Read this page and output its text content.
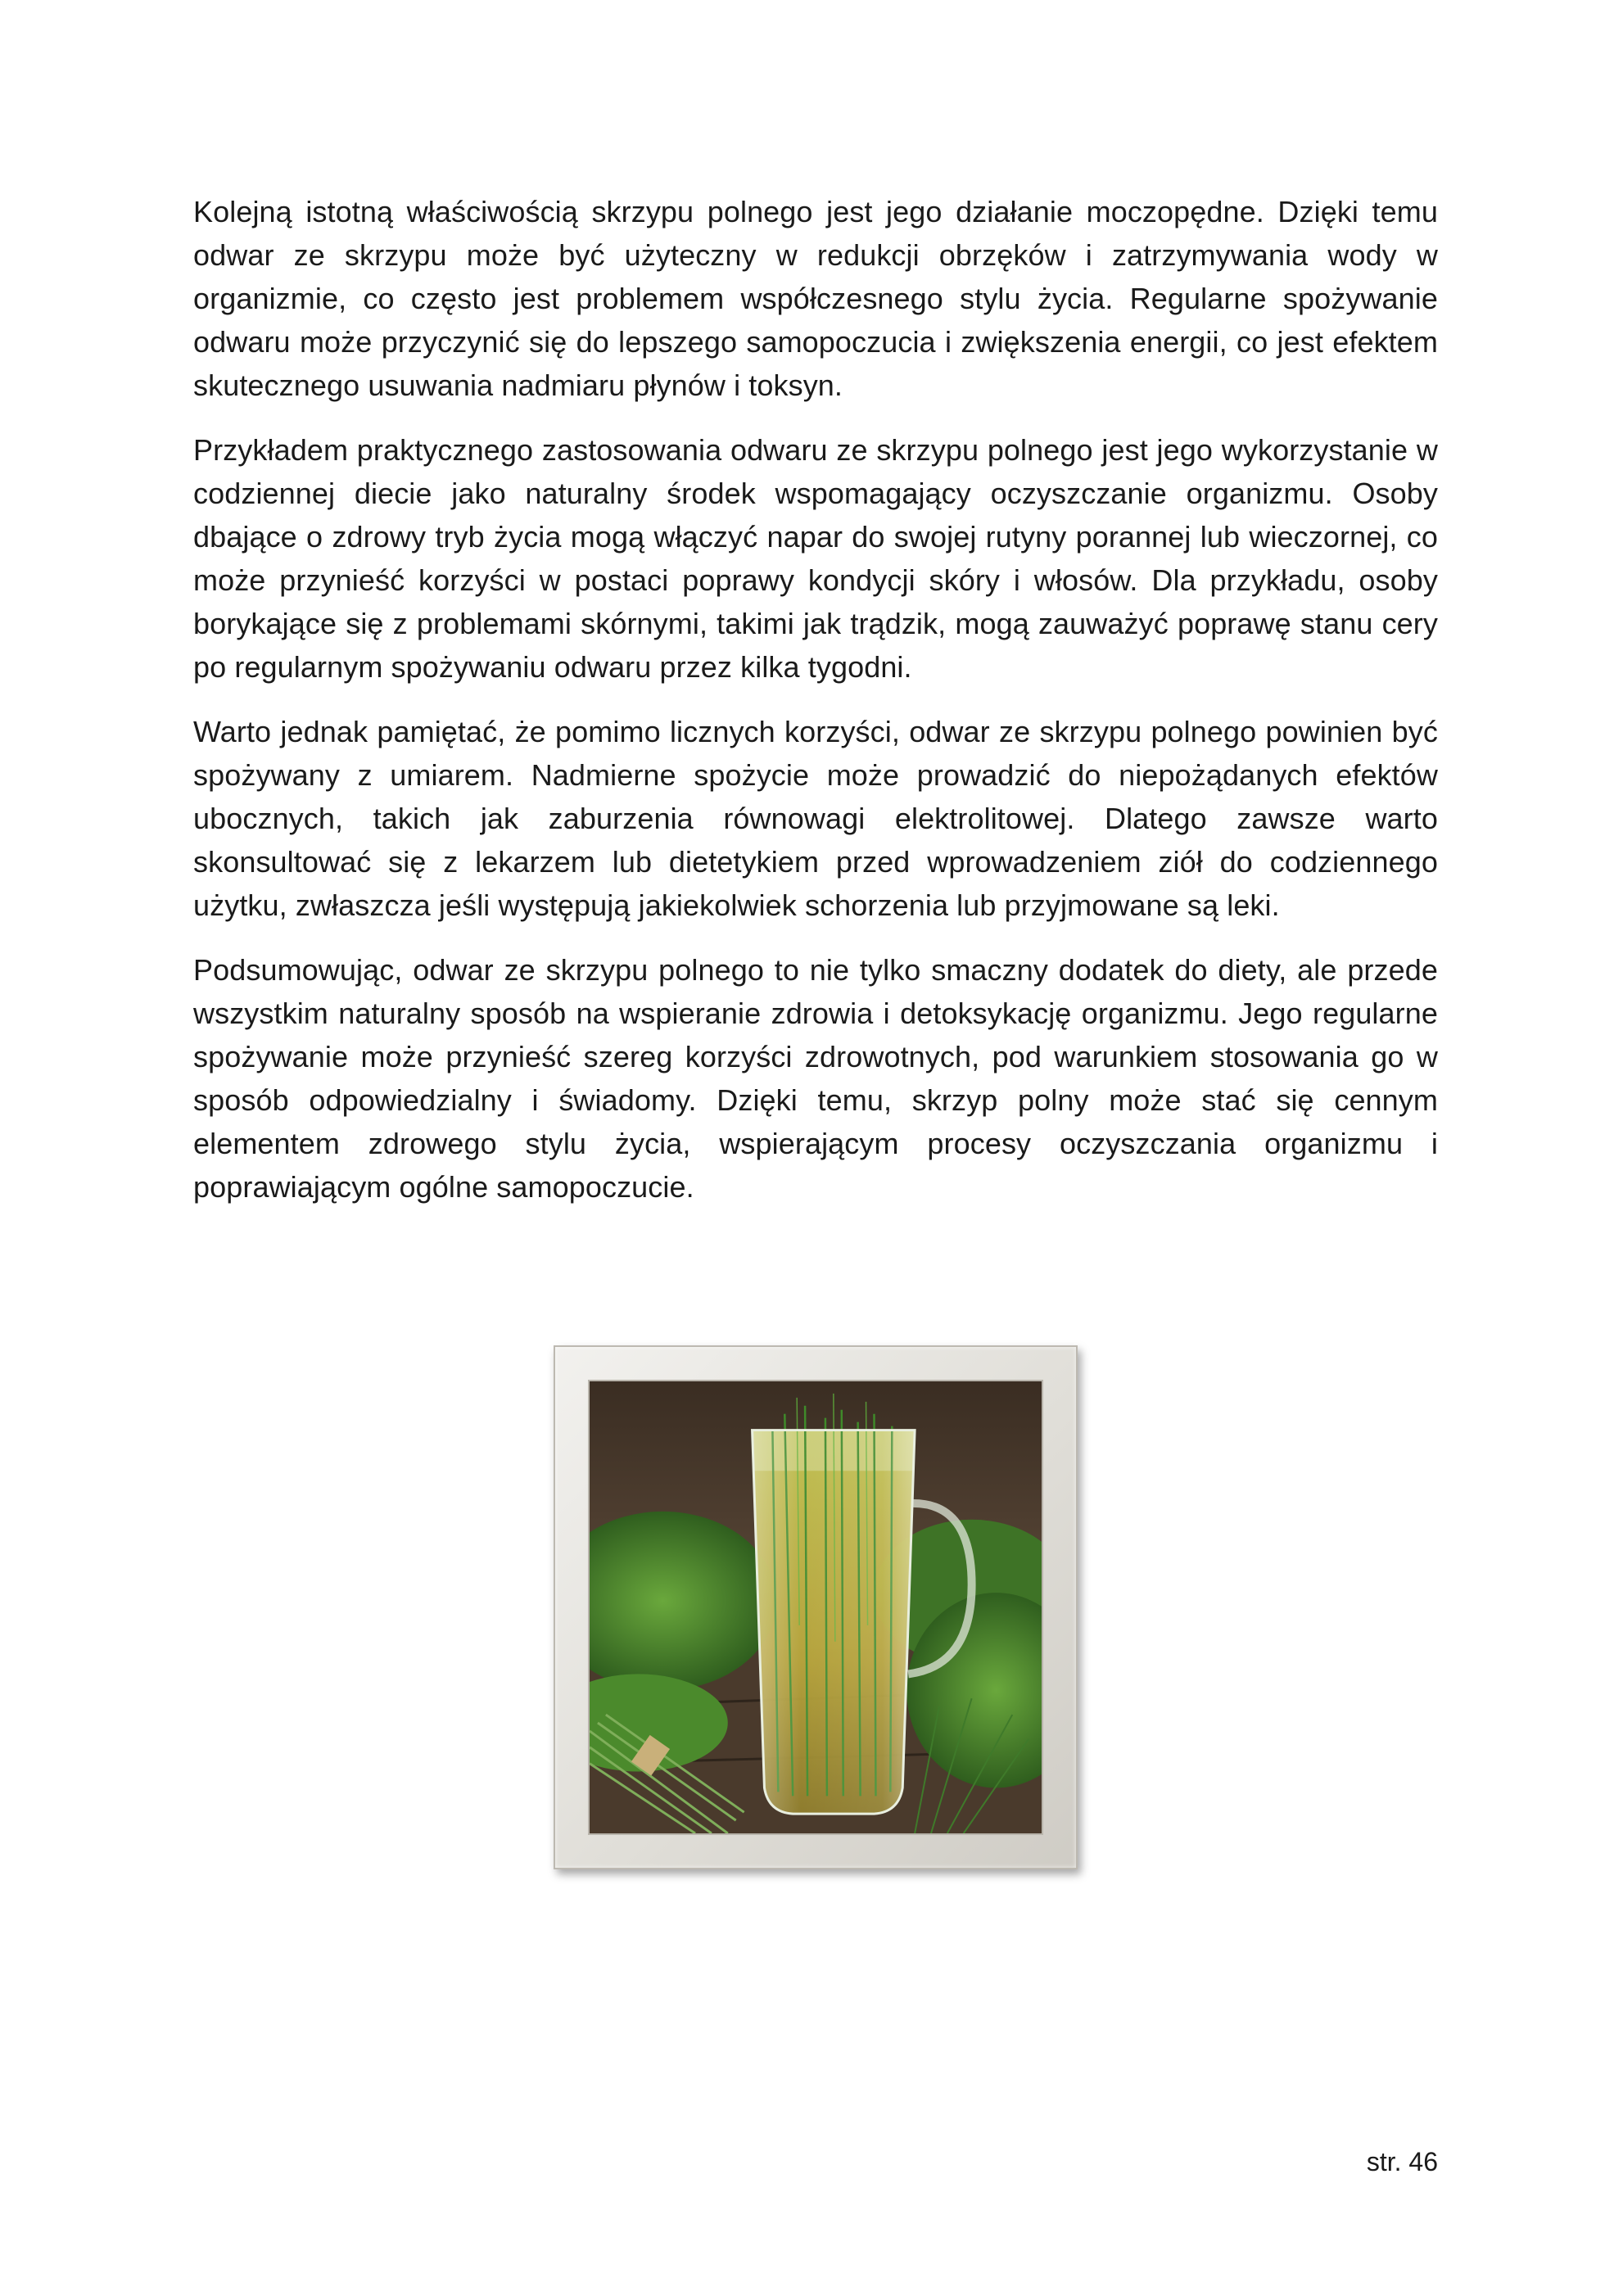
Kolejną istotną właściwością skrzypu polnego jest jego działanie moczopędne. Dzięki temu odwar ze skrzypu może być użyteczny w redukcji obrzęków i zatrzymywania wody w organizmie, co często jest problemem współczesnego stylu życia. Regularne spożywanie odwaru może przyczynić się do lepszego samopoczucia i zwiększenia energii, co jest efektem skutecznego usuwania nadmiaru płynów i toksyn.

Przykładem praktycznego zastosowania odwaru ze skrzypu polnego jest jego wykorzystanie w codziennej diecie jako naturalny środek wspomagający oczyszczanie organizmu. Osoby dbające o zdrowy tryb życia mogą włączyć napar do swojej rutyny porannej lub wieczornej, co może przynieść korzyści w postaci poprawy kondycji skóry i włosów. Dla przykładu, osoby borykające się z problemami skórnymi, takimi jak trądzik, mogą zauważyć poprawę stanu cery po regularnym spożywaniu odwaru przez kilka tygodni.

Warto jednak pamiętać, że pomimo licznych korzyści, odwar ze skrzypu polnego powinien być spożywany z umiarem. Nadmierne spożycie może prowadzić do niepożądanych efektów ubocznych, takich jak zaburzenia równowagi elektrolitowej. Dlatego zawsze warto skonsultować się z lekarzem lub dietetykiem przed wprowadzeniem ziół do codziennego użytku, zwłaszcza jeśli występują jakiekolwiek schorzenia lub przyjmowane są leki.

Podsumowując, odwar ze skrzypu polnego to nie tylko smaczny dodatek do diety, ale przede wszystkim naturalny sposób na wspieranie zdrowia i detoksykację organizmu. Jego regularne spożywanie może przynieść szereg korzyści zdrowotnych, pod warunkiem stosowania go w sposób odpowiedzialny i świadomy. Dzięki temu, skrzyp polny może stać się cennym elementem zdrowego stylu życia, wspierającym procesy oczyszczania organizmu i poprawiającym ogólne samopoczucie.

str. 46
